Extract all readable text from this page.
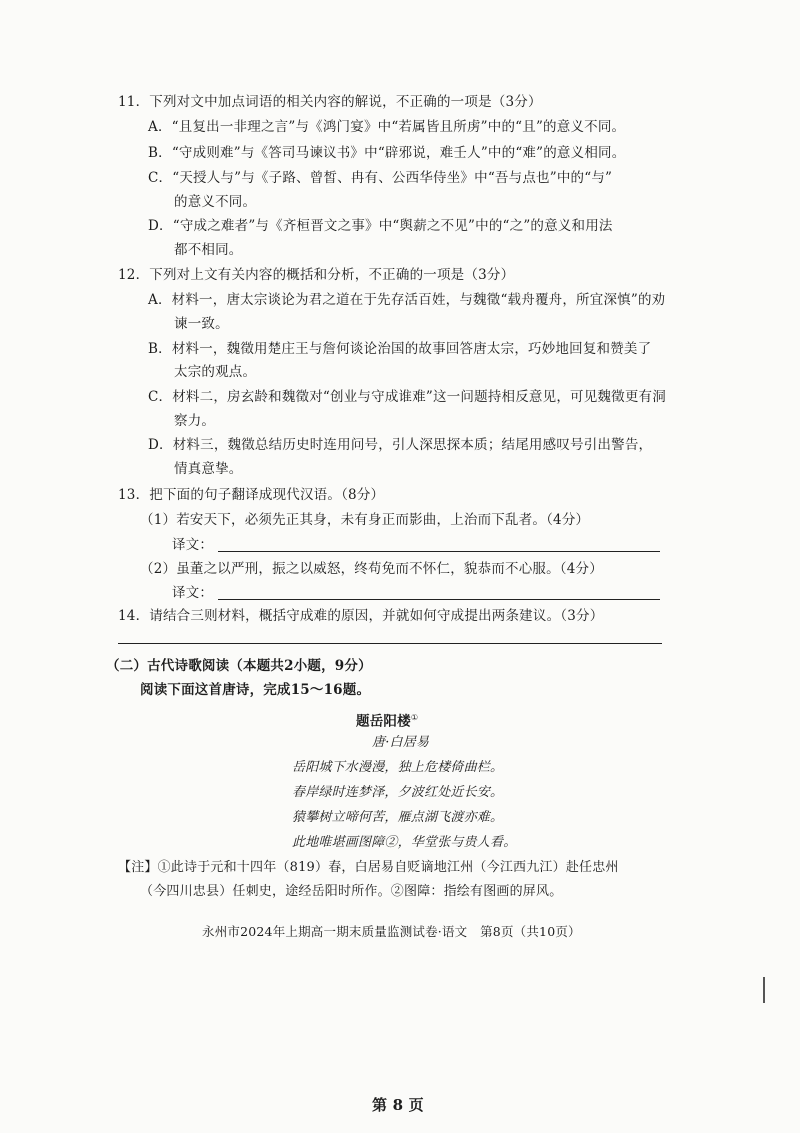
11．下列对文中加点词语的相关内容的解说，不正确的一项是（3分）
A．“且复出一非理之言”与《鸿门宴》中“若属皆且所虏”中的“且”的意义不同。
B．“守成则难”与《答司马谏议书》中“辟邪说，难壬人”中的“难”的意义相同。
C．“天授人与”与《子路、曾皙、冉有、公西华侍坐》中“吾与点也”中的“与”
的意义不同。
D．“守成之难者”与《齐桓晋文之事》中“舆薪之不见”中的“之”的意义和用法
都不相同。
12．下列对上文有关内容的概括和分析，不正确的一项是（3分）
A．材料一，唐太宗谈论为君之道在于先存活百姓，与魏徵“载舟覆舟，所宜深慎”的劝
谏一致。
B．材料一，魏徵用楚庄王与詹何谈论治国的故事回答唐太宗，巧妙地回复和赞美了
太宗的观点。
C．材料二，房玄龄和魏徵对“创业与守成谁难”这一问题持相反意见，可见魏徵更有洞
察力。
D．材料三，魏徵总结历史时连用问号，引人深思探本质；结尾用感叹号引出警告，
情真意挚。
13．把下面的句子翻译成现代汉语。（8分）
（1）若安天下，必须先正其身，未有身正而影曲，上治而下乱者。（4分）
译文：
（2）虽董之以严刑，振之以威怒，终苟免而不怀仁，貌恭而不心服。（4分）
译文：
14．请结合三则材料，概括守成难的原因，并就如何守成提出两条建议。（3分）
（二）古代诗歌阅读（本题共2小题，9分）
阅读下面这首唐诗，完成15～16题。
题岳阳楼①
唐·白居易
岳阳城下水漫漫，独上危楼倚曲栏。
春岸绿时连梦泽，夕波红处近长安。
猿攀树立啼何苦，雁点湖飞渡亦难。
此地唯堪画图障②，华堂张与贵人看。
【注】①此诗于元和十四年（819）春，白居易自贬谪地江州（今江西九江）赴任忠州
（今四川忠县）任刺史，途经岳阳时所作。②图障：指绘有图画的屏风。
永州市2024年上期高一期末质量监测试卷·语文　第8页（共10页）
第 8 页
